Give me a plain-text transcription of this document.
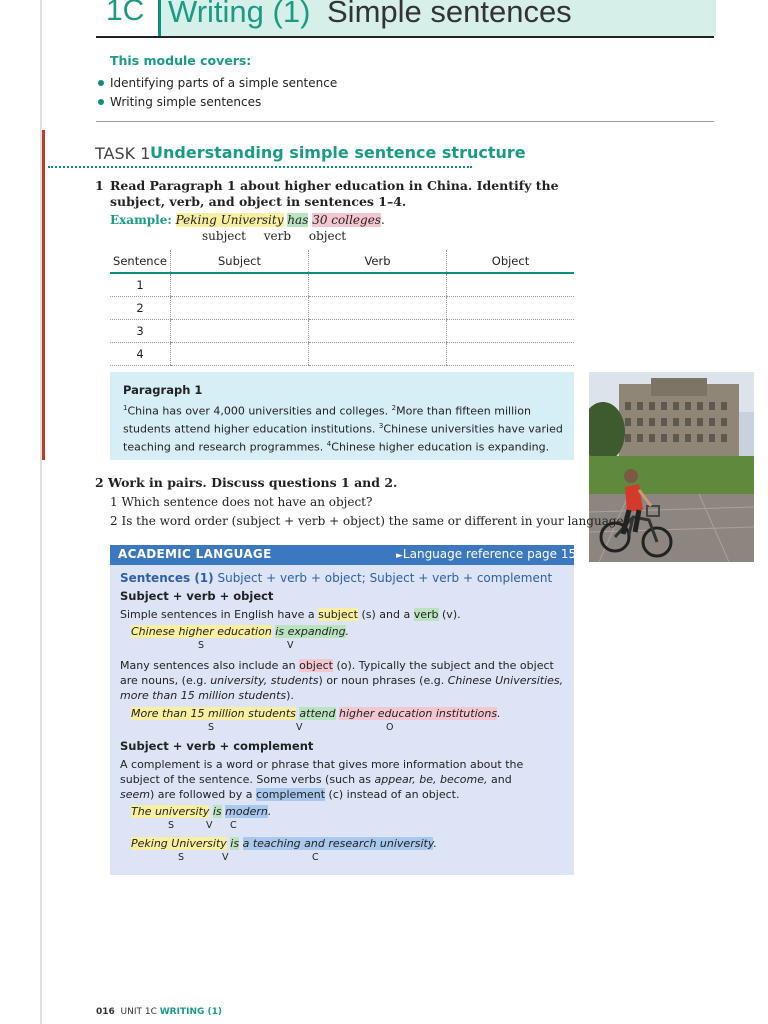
1C Writing (1) Simple sentences
This module covers:
Identifying parts of a simple sentence
Writing simple sentences
TASK 1 Understanding simple sentence structure
1 Read Paragraph 1 about higher education in China. Identify the subject, verb, and object in sentences 1–4.
Example: Peking University has 30 colleges.
subject verb object
Sentence	Subject	Verb	Object
1			
2			
3			
4			
Paragraph 1
$^1$China has over 4,000 universities and colleges. $^2$More than fifteen million students attend higher education institutions. $^3$Chinese universities have varied teaching and research programmes. $^4$Chinese higher education is expanding.
2 Work in pairs. Discuss questions 1 and 2.
1 Which sentence does not have an object?
2 Is the word order (subject + verb + object) the same or different in your language?
ACADEMIC LANGUAGE	►Language reference page 150
Sentences (1) Subject + verb + object; Subject + verb + complement
Subject + verb + object
Simple sentences in English have a subject (s) and a verb (v).
Chinese higher education is expanding.
S	V
Many sentences also include an object (o). Typically the subject and the object are nouns, (e.g. university, students) or noun phrases (e.g. Chinese Universities, more than 15 million students).
More than 15 million students attend higher education institutions.
S	V	O
Subject + verb + complement
A complement is a word or phrase that gives more information about the subject of the sentence. Some verbs (such as appear, be, become, and seem) are followed by a complement (c) instead of an object.
The university is modern.
S	V C
Peking University is a teaching and research university.
S	V	C
016 UNIT 1C WRITING (1)
